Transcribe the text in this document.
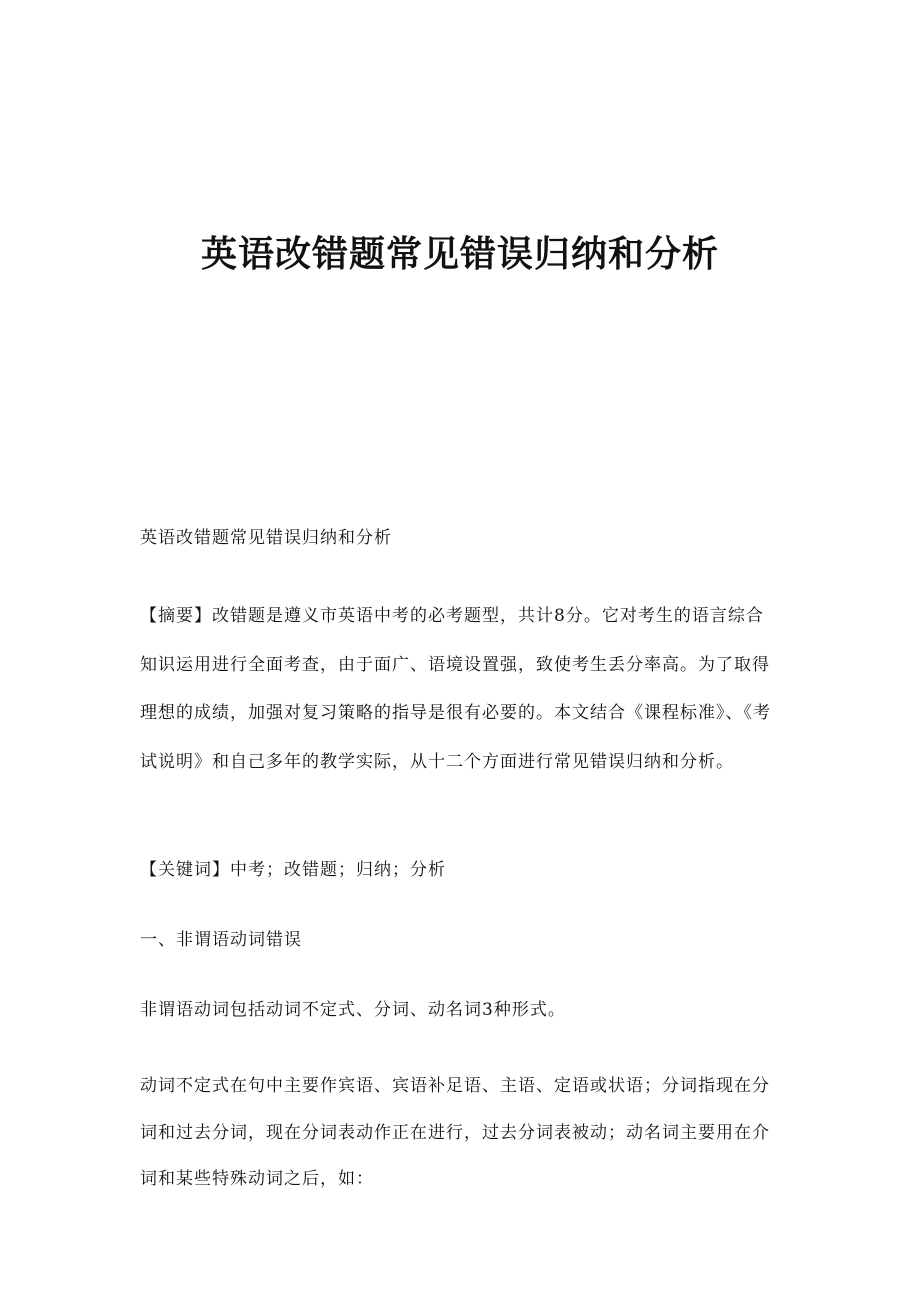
英语改错题常见错误归纳和分析

英语改错题常见错误归纳和分析

【摘要】改错题是遵义市英语中考的必考题型，共计8分。它对考生的语言综合知识运用进行全面考查，由于面广、语境设置强，致使考生丢分率高。为了取得理想的成绩，加强对复习策略的指导是很有必要的。本文结合《课程标准》、《考试说明》和自己多年的教学实际，从十二个方面进行常见错误归纳和分析。

【关键词】中考；改错题；归纳；分析

一、非谓语动词错误

非谓语动词包括动词不定式、分词、动名词3种形式。

动词不定式在句中主要作宾语、宾语补足语、主语、定语或状语；分词指现在分词和过去分词，现在分词表动作正在进行，过去分词表被动；动名词主要用在介词和某些特殊动词之后，如：
